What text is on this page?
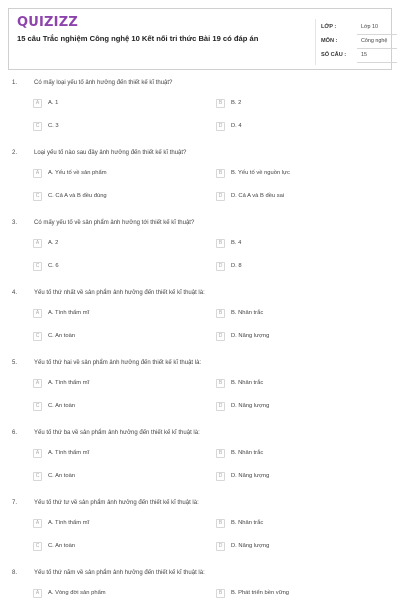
QUIZIZZ
15 câu Trắc nghiệm Công nghệ 10 Kết nối tri thức Bài 19 có đáp án
LỚP :	Lớp 10
MÔN :	Công nghệ
SỐ CÂU :	15
1.	Có mấy loại yếu tố ảnh hưởng đến thiết kế kĩ thuật?
A	A. 1	B	B. 2
C	C. 3	D	D. 4
2.	Loại yếu tố nào sau đây ảnh hưởng đến thiết kế kĩ thuật?
A	A. Yếu tố về sản phẩm	B	B. Yếu tố về nguồn lực
C	C. Cả A và B đều đúng	D	D. Cả A và B đều sai
3.	Có mấy yếu tố về sản phẩm ảnh hưởng tới thiết kế kĩ thuật?
A	A. 2	B	B. 4
C	C. 6	D	D. 8
4.	Yếu tố thứ nhất về sản phẩm ảnh hưởng đến thiết kế kĩ thuật là:
A	A. Tính thẩm mĩ	B	B. Nhân trắc
C	C. An toàn	D	D. Năng lượng
5.	Yếu tố thứ hai về sản phẩm ảnh hưởng đến thiết kế kĩ thuật là:
A	A. Tính thẩm mĩ	B	B. Nhân trắc
C	C. An toàn	D	D. Năng lượng
6.	Yếu tố thứ ba về sản phẩm ảnh hưởng đến thiết kế kĩ thuật là:
A	A. Tính thẩm mĩ	B	B. Nhân trắc
C	C. An toàn	D	D. Năng lượng
7.	Yếu tố thứ tư về sản phẩm ảnh hưởng đến thiết kế kĩ thuật là:
A	A. Tính thẩm mĩ	B	B. Nhân trắc
C	C. An toàn	D	D. Năng lượng
8.	Yếu tố thứ năm về sản phẩm ảnh hưởng đến thiết kế kĩ thuật là:
A	A. Vòng đời sản phẩm	B	B. Phát triển bền vững
